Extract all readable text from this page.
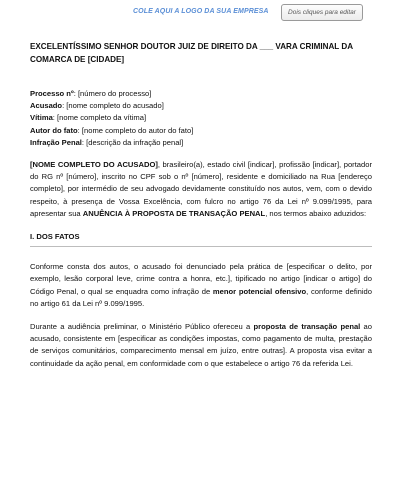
COLE AQUI A LOGO DA SUA EMPRESA	Dois cliques para editar
EXCELENTÍSSIMO SENHOR DOUTOR JUIZ DE DIREITO DA ___ VARA CRIMINAL DA COMARCA DE [CIDADE]
Processo nº: [número do processo]
Acusado: [nome completo do acusado]
Vítima: [nome completo da vítima]
Autor do fato: [nome completo do autor do fato]
Infração Penal: [descrição da infração penal]

[NOME COMPLETO DO ACUSADO], brasileiro(a), estado civil [indicar], profissão [indicar], portador do RG nº [número], inscrito no CPF sob o nº [número], residente e domiciliado na Rua [endereço completo], por intermédio de seu advogado devidamente constituído nos autos, vem, com o devido respeito, à presença de Vossa Excelência, com fulcro no artigo 76 da Lei nº 9.099/1995, para apresentar sua ANUÊNCIA À PROPOSTA DE TRANSAÇÃO PENAL, nos termos abaixo aduzidos:

I. DOS FATOS

Conforme consta dos autos, o acusado foi denunciado pela prática de [especificar o delito, por exemplo, lesão corporal leve, crime contra a honra, etc.], tipificado no artigo [indicar o artigo] do Código Penal, o qual se enquadra como infração de menor potencial ofensivo, conforme definido no artigo 61 da Lei nº 9.099/1995.

Durante a audiência preliminar, o Ministério Público ofereceu a proposta de transação penal ao acusado, consistente em [especificar as condições impostas, como pagamento de multa, prestação de serviços comunitários, comparecimento mensal em juízo, entre outras]. A proposta visa evitar a continuidade da ação penal, em conformidade com o que estabelece o artigo 76 da referida Lei.
